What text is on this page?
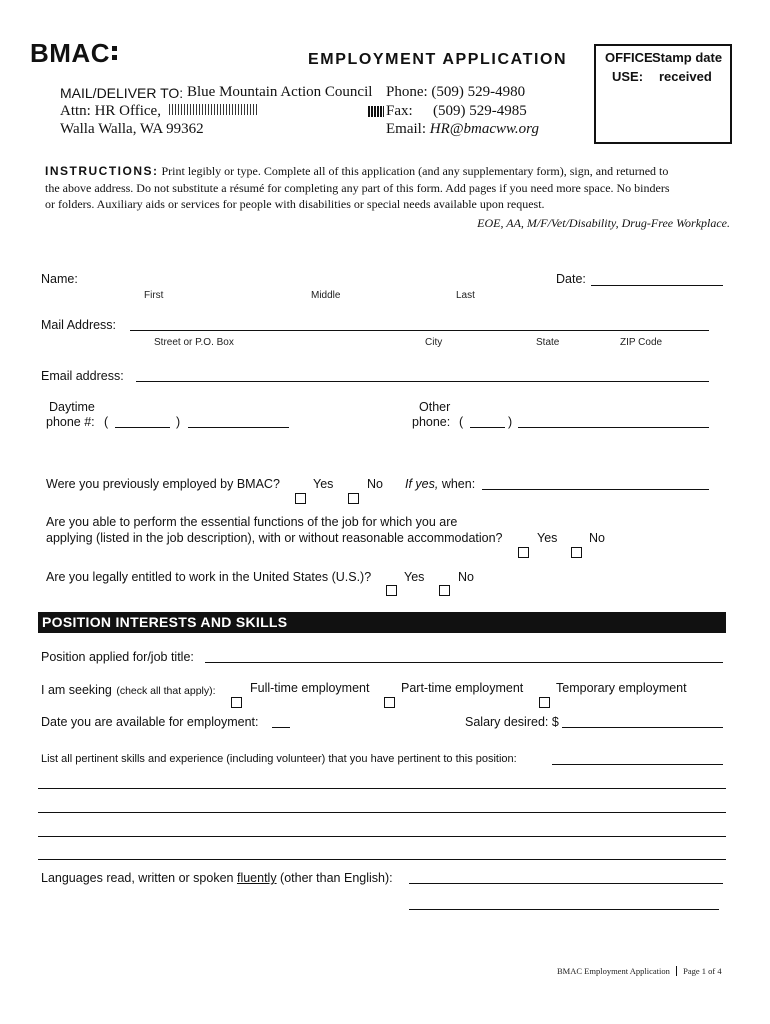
BMAC	EMPLOYMENT APPLICATION	OFFICE
USE:
Stamp date
received
MAIL/DELIVER TO: Blue Mountain Action Council
Attn: HR Office,
Walla Walla, WA 99362
Phone: (509) 529-4980
Fax: (509) 529-4985
Email: HR@bmacww.org
INSTRUCTIONS: Print legibly or type. Complete all of this application (and any supplementary form), sign, and returned to
the above address. Do not substitute a résumé for completing any part of this form. Add pages if you need more space. No binders
or folders. Auxiliary aids or services for people with disabilities or special needs available upon request.
EOE, AA, M/F/Vet/Disability, Drug-Free Workplace.
Name:	Date:
First	Middle	Last
Mail Address:
Street or P.O. Box	City	State	ZIP Code
Email address:
Daytime
phone #: (	)
Other
phone: (	)
Were you previously employed by BMAC?	Yes	No If yes, when:
Are you able to perform the essential functions of the job for which you are
applying (listed in the job description), with or without reasonable accommodation?	Yes	No
Are you legally entitled to work in the United States (U.S.)?	Yes	No
POSITION INTERESTS AND SKILLS
Position applied for/job title:
I am seeking (check all that apply):	Full-time employment	Part-time employment	Temporary employment
Date you are available for employment:	Salary desired: $
List all pertinent skills and experience (including volunteer) that you have pertinent to this position:
Languages read, written or spoken fluently (other than English):
BMAC Employment Application Page 1 of 4
